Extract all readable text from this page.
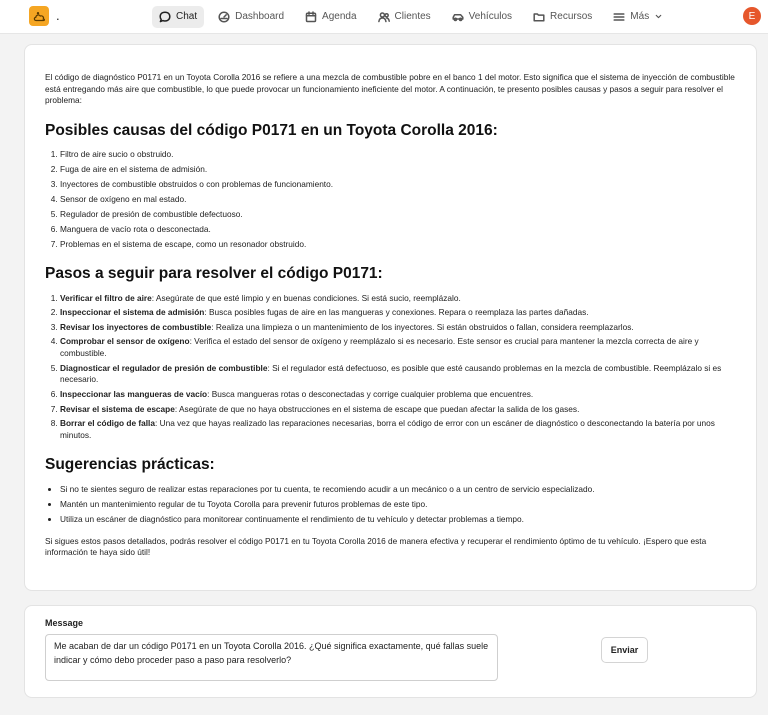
.	Chat	Dashboard	Agenda	Clientes	Vehículos	Recursos	Más	E

El código de diagnóstico P0171 en un Toyota Corolla 2016 se refiere a una mezcla de combustible pobre en el banco 1 del motor. Esto significa que el sistema de inyección de combustible está entregando más aire que combustible, lo que puede provocar un funcionamiento ineficiente del motor. A continuación, te presento posibles causas y pasos a seguir para resolver el problema:

Posibles causas del código P0171 en un Toyota Corolla 2016:
1. Filtro de aire sucio o obstruido.
2. Fuga de aire en el sistema de admisión.
3. Inyectores de combustible obstruidos o con problemas de funcionamiento.
4. Sensor de oxígeno en mal estado.
5. Regulador de presión de combustible defectuoso.
6. Manguera de vacío rota o desconectada.
7. Problemas en el sistema de escape, como un resonador obstruido.
Pasos a seguir para resolver el código P0171:
1. Verificar el filtro de aire: Asegúrate de que esté limpio y en buenas condiciones. Si está sucio, reemplázalo.
2. Inspeccionar el sistema de admisión: Busca posibles fugas de aire en las mangueras y conexiones. Repara o reemplaza las partes dañadas.
3. Revisar los inyectores de combustible: Realiza una limpieza o un mantenimiento de los inyectores. Si están obstruidos o fallan, considera reemplazarlos.
4. Comprobar el sensor de oxígeno: Verifica el estado del sensor de oxígeno y reemplázalo si es necesario. Este sensor es crucial para mantener la mezcla correcta de aire y combustible.
5. Diagnosticar el regulador de presión de combustible: Si el regulador está defectuoso, es posible que esté causando problemas en la mezcla de combustible. Reemplázalo si es necesario.
6. Inspeccionar las mangueras de vacío: Busca mangueras rotas o desconectadas y corrige cualquier problema que encuentres.
7. Revisar el sistema de escape: Asegúrate de que no haya obstrucciones en el sistema de escape que puedan afectar la salida de los gases.
8. Borrar el código de falla: Una vez que hayas realizado las reparaciones necesarias, borra el código de error con un escáner de diagnóstico o desconectando la batería por unos minutos.
Sugerencias prácticas:
• Si no te sientes seguro de realizar estas reparaciones por tu cuenta, te recomiendo acudir a un mecánico o a un centro de servicio especializado.
• Mantén un mantenimiento regular de tu Toyota Corolla para prevenir futuros problemas de este tipo.
• Utiliza un escáner de diagnóstico para monitorear continuamente el rendimiento de tu vehículo y detectar problemas a tiempo.

Si sigues estos pasos detallados, podrás resolver el código P0171 en tu Toyota Corolla 2016 de manera efectiva y recuperar el rendimiento óptimo de tu vehículo. ¡Espero que esta información te haya sido útil!

Message
Me acaban de dar un código P0171 en un Toyota Corolla 2016. ¿Qué significa exactamente, qué fallas suele indicar y cómo debo proceder paso a paso para resolverlo?
Enviar
